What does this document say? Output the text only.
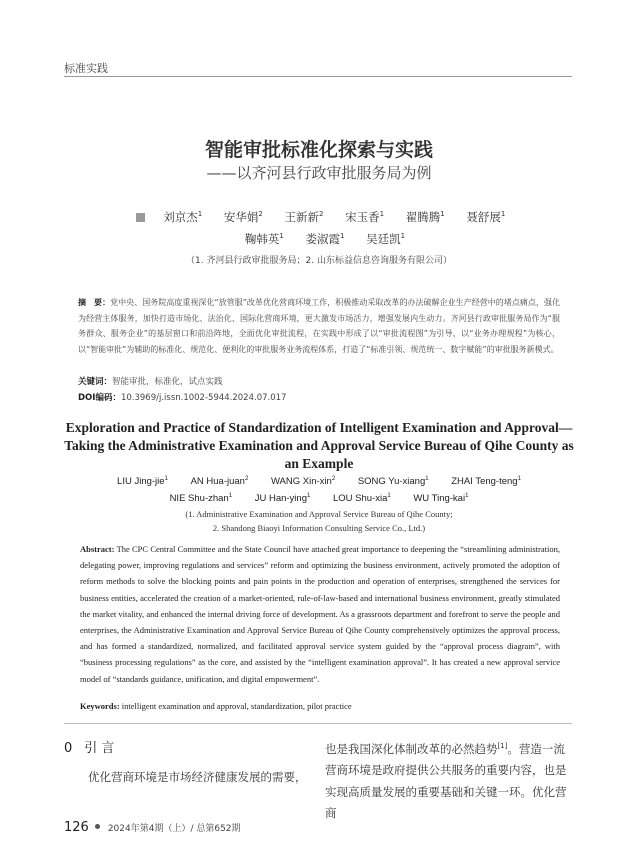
标准实践
智能审批标准化探索与实践
——以齐河县行政审批服务局为例
刘京杰$^1$ 安华娟$^2$ 王新新$^2$ 宋玉香$^1$ 翟腾腾$^1$ 聂舒展$^1$
鞠韩英$^1$ 娄淑霞$^1$ 吴廷凯$^1$
（1. 齐河县行政审批服务局；2. 山东标益信息咨询服务有限公司）
摘　要：党中央、国务院高度重视深化“放管服”改革优化营商环境工作，积极推动采取改革的办法破解企业生产经营中的堵点痛点，强化为经营主体服务，加快打造市场化、法治化、国际化营商环境，更大激发市场活力，增强发展内生动力。齐河县行政审批服务局作为“服务群众、服务企业”的基层窗口和前沿阵地，全面优化审批流程，在实践中形成了以“审批流程图”为引导，以“业务办理规程”为核心，以“智能审批”为辅助的标准化、规范化、便利化的审批服务业务流程体系，打造了“标准引领、规范统一、数字赋能”的审批服务新模式。
关键词：智能审批，标准化，试点实践
DOI编码：10.3969/j.issn.1002-5944.2024.07.017
Exploration and Practice of Standardization of Intelligent Examination and Approval—Taking the Administrative Examination and Approval Service Bureau of Qihe County as an Example
LIU Jing-jie$^1$ AN Hua-juan$^2$ WANG Xin-xin$^2$ SONG Yu-xiang$^1$ ZHAI Teng-teng$^1$
NIE Shu-zhan$^1$ JU Han-ying$^1$ LOU Shu-xia$^1$ WU Ting-kai$^1$
(1. Administrative Examination and Approval Service Bureau of Qihe County;
2. Shandong Biaoyi Information Consulting Service Co., Ltd.)
Abstract: The CPC Central Committee and the State Council have attached great importance to deepening the “streamlining administration, delegating power, improving regulations and services” reform and optimizing the business environment, actively promoted the adoption of reform methods to solve the blocking points and pain points in the production and operation of enterprises, strengthened the services for business entities, accelerated the creation of a market-oriented, rule-of-law-based and international business environment, greatly stimulated the market vitality, and enhanced the internal driving force of development. As a grassroots department and forefront to serve the people and enterprises, the Administrative Examination and Approval Service Bureau of Qihe County comprehensively optimizes the approval process, and has formed a standardized, normalized, and facilitated approval service system guided by the “approval process diagram”, with “business processing regulations” as the core, and assisted by the “intelligent examination approval”. It has created a new approval service model of “standards guidance, unification, and digital empowerment”.
Keywords: intelligent examination and approval, standardization, pilot practice
0 引 言
优化营商环境是市场经济健康发展的需要，
也是我国深化体制改革的必然趋势[1]。营造一流营商环境是政府提供公共服务的重要内容，也是实现高质量发展的重要基础和关键一环。优化营商
126 2024年第4期（上）/ 总第652期
